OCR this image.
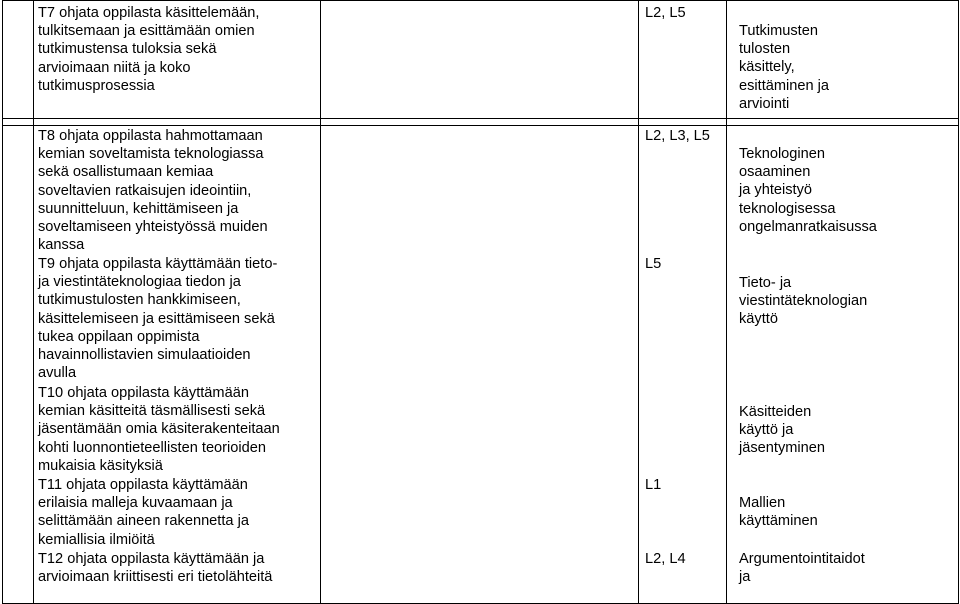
T7 ohjata oppilasta käsittelemään,
tulkitsemaan ja esittämään omien
tutkimustensa tuloksia sekä
arvioimaan niitä ja koko
tutkimusprosessia
L2, L5
Tutkimusten
tulosten
käsittely,
esittäminen ja
arviointi
T8 ohjata oppilasta hahmottamaan
kemian soveltamista teknologiassa
sekä osallistumaan kemiaa
soveltavien ratkaisujen ideointiin,
suunnitteluun, kehittämiseen ja
soveltamiseen yhteistyössä muiden
kanssa
L2, L3, L5
Teknologinen
osaaminen
ja yhteistyö
teknologisessa
ongelmanratkaisussa
T9 ohjata oppilasta käyttämään tieto-
ja viestintäteknologiaa tiedon ja
tutkimustulosten hankkimiseen,
käsittelemiseen ja esittämiseen sekä
tukea oppilaan oppimista
havainnollistavien simulaatioiden
avulla
L5
Tieto- ja
viestintäteknologian
käyttö
T10 ohjata oppilasta käyttämään
kemian käsitteitä täsmällisesti sekä
jäsentämään omia käsiterakenteitaan
kohti luonnontieteellisten teorioiden
mukaisia käsityksiä
Käsitteiden
käyttö ja
jäsentyminen
T11 ohjata oppilasta käyttämään
erilaisia malleja kuvaamaan ja
selittämään aineen rakennetta ja
kemiallisia ilmiöitä
L1
Mallien
käyttäminen
T12 ohjata oppilasta käyttämään ja
arvioimaan kriittisesti eri tietolähteitä
L2, L4	Argumentointitaidot
ja
